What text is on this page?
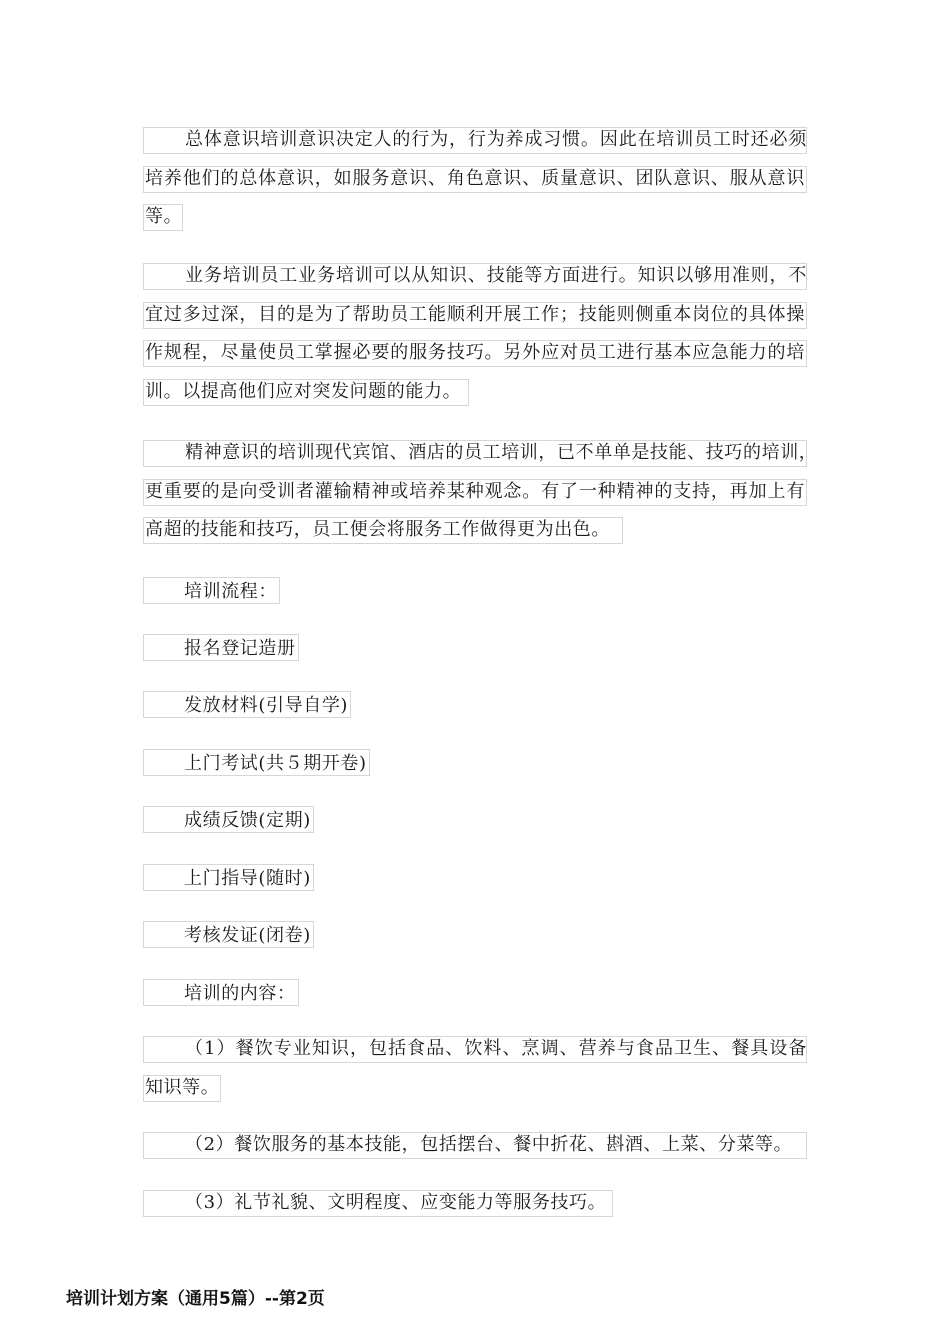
总体意识培训意识决定人的行为，行为养成习惯。因此在培训员工时还必须
培养他们的总体意识，如服务意识、角色意识、质量意识、团队意识、服从意识
等。
业务培训员工业务培训可以从知识、技能等方面进行。知识以够用准则，不
宜过多过深，目的是为了帮助员工能顺利开展工作；技能则侧重本岗位的具体操
作规程，尽量使员工掌握必要的服务技巧。另外应对员工进行基本应急能力的培
训。以提高他们应对突发问题的能力。
精神意识的培训现代宾馆、酒店的员工培训，已不单单是技能、技巧的培训，
更重要的是向受训者灌输精神或培养某种观念。有了一种精神的支持，再加上有
高超的技能和技巧，员工便会将服务工作做得更为出色。
培训流程：
报名登记造册
发放材料(引导自学)
上门考试(共５期开卷)
成绩反馈(定期)
上门指导(随时)
考核发证(闭卷)
培训的内容：
（1）餐饮专业知识，包括食品、饮料、烹调、营养与食品卫生、餐具设备
知识等。
（2）餐饮服务的基本技能，包括摆台、餐中折花、斟酒、上菜、分菜等。
（3）礼节礼貌、文明程度、应变能力等服务技巧。
培训计划方案（通用5篇）--第2页
